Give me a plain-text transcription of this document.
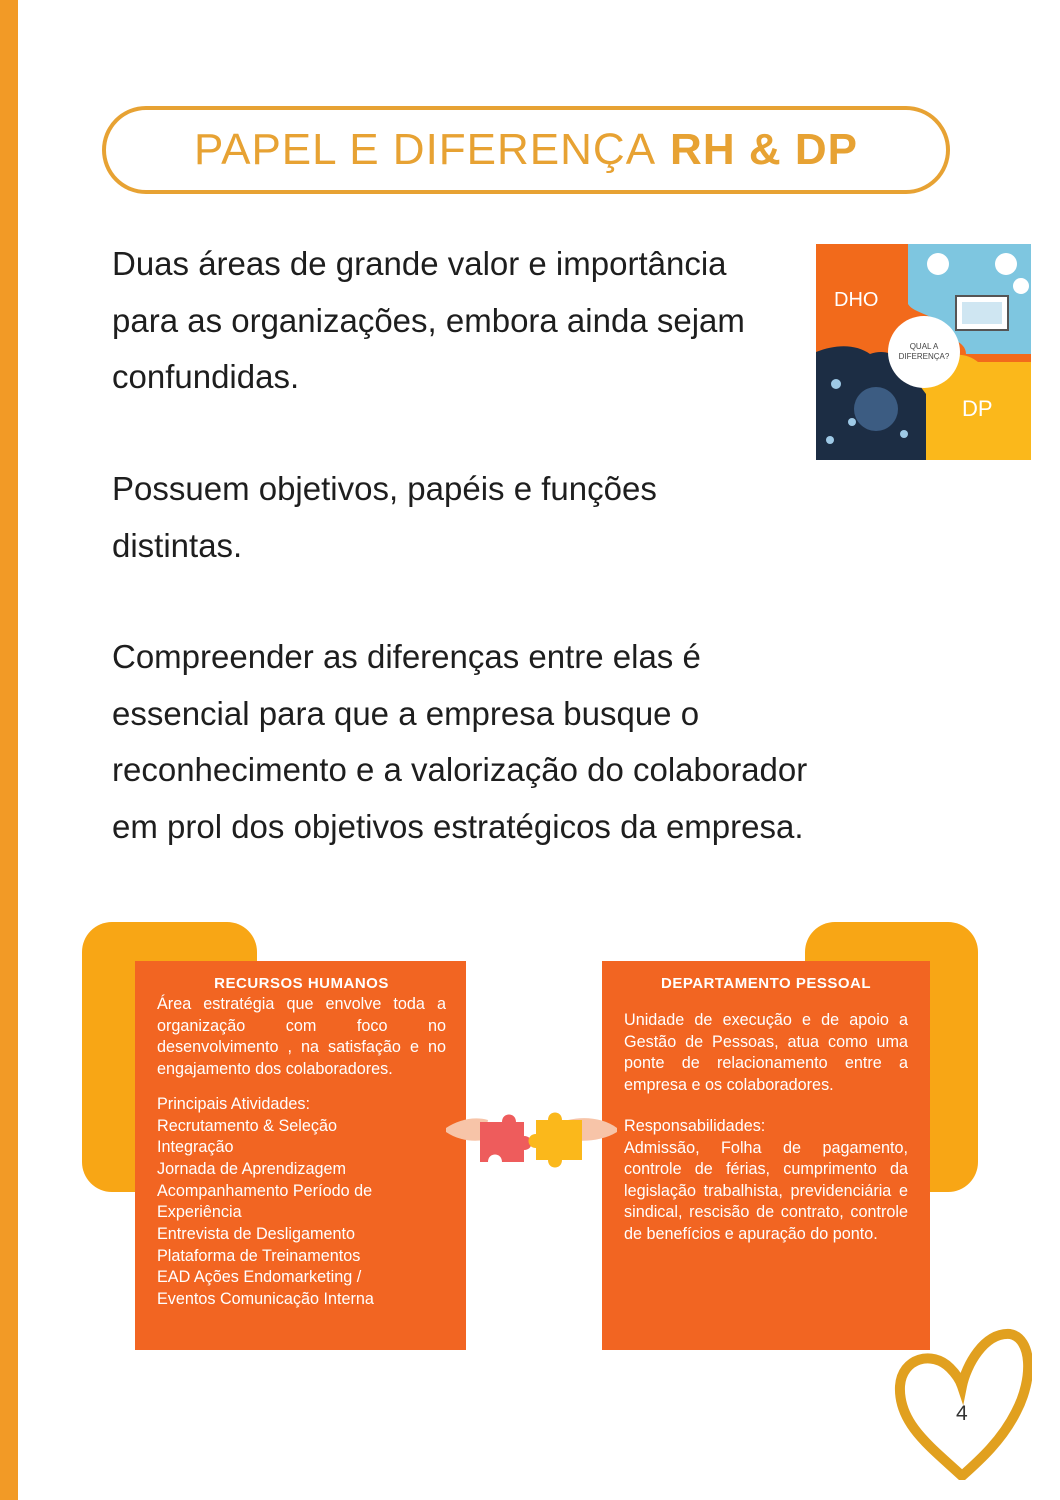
PAPEL E DIFERENÇA RH & DP

Duas áreas de grande valor e importância para as organizações, embora ainda sejam confundidas.

Possuem objetivos, papéis e funções distintas.

Compreender as diferenças entre elas é essencial para que a empresa busque o reconhecimento e a valorização do colaborador em prol dos objetivos estratégicos da empresa.

QUAL A
DIFERENÇA?
DHO
DP
RECURSOS HUMANOS

Área estratégia que envolve toda a organização com foco no desenvolvimento , na satisfação e no engajamento dos colaboradores.

Principais Atividades:

Recrutamento & Seleção
Integração
Jornada de Aprendizagem
Acompanhamento Período de Experiência
Entrevista de Desligamento
Plataforma de Treinamentos
EAD Ações Endomarketing /
Eventos Comunicação Interna
DEPARTAMENTO PESSOAL

Unidade de execução e de apoio a Gestão de Pessoas, atua como uma ponte de relacionamento entre a empresa e os colaboradores.

Responsabilidades:

Admissão, Folha de pagamento, controle de férias, cumprimento da legislação trabalhista, previdenciária e sindical, rescisão de contrato, controle de benefícios e apuração do ponto.

4
